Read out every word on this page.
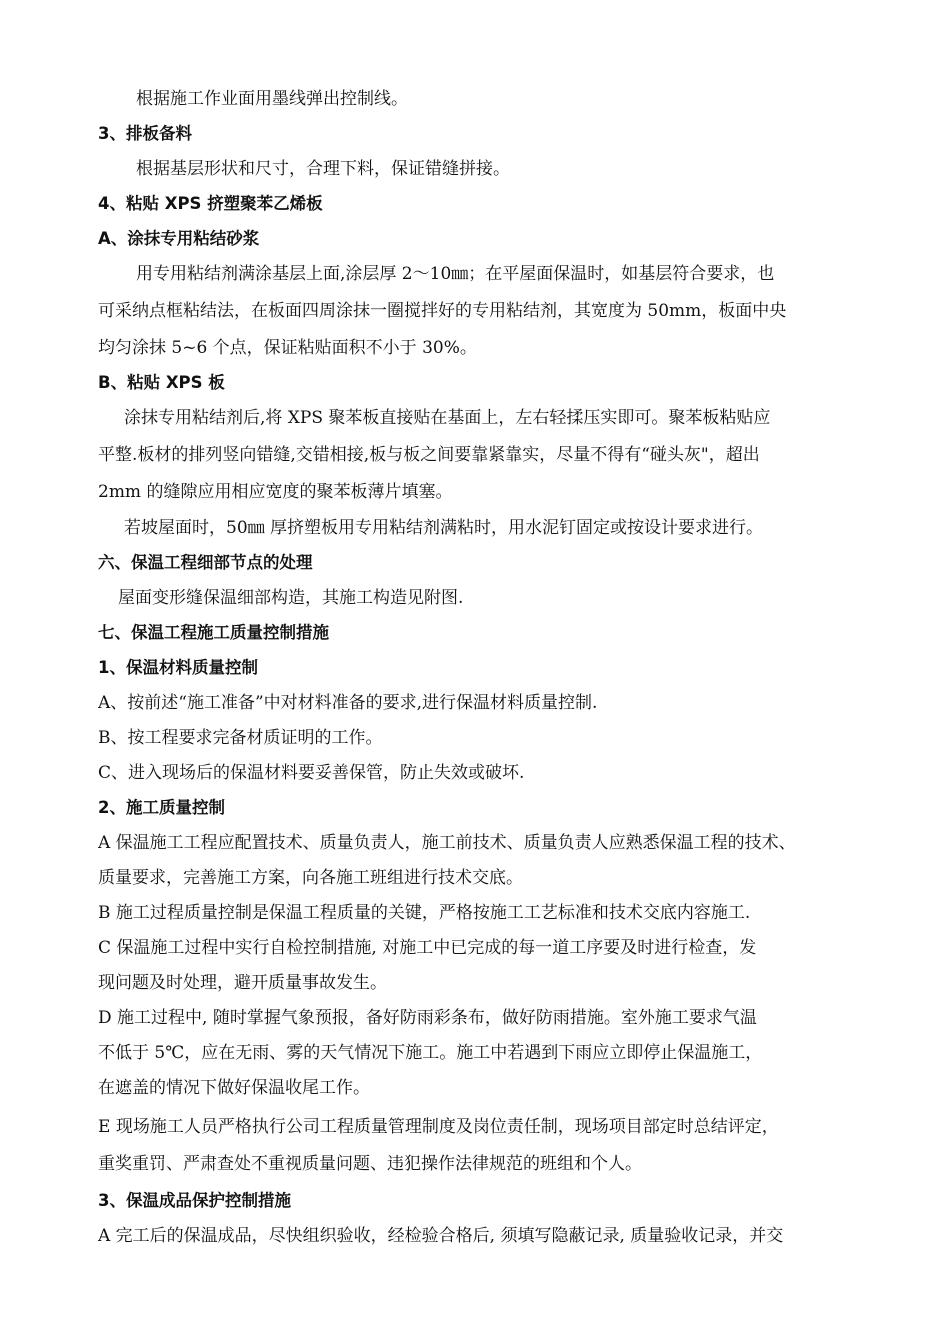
根据施工作业面用墨线弹出控制线。
3、排板备料
根据基层形状和尺寸，合理下料，保证错缝拼接。
4、粘贴 XPS 挤塑聚苯乙烯板
A、涂抹专用粘结砂浆
用专用粘结剂满涂基层上面,涂层厚 2～10㎜；在平屋面保温时，如基层符合要求，也
可采纳点框粘结法，在板面四周涂抹一圈搅拌好的专用粘结剂，其宽度为 50mm，板面中央
均匀涂抹 5~6 个点，保证粘贴面积不小于 30%。
B、粘贴 XPS 板
涂抹专用粘结剂后,将 XPS 聚苯板直接贴在基面上，左右轻揉压实即可。聚苯板粘贴应
平整.板材的排列竖向错缝,交错相接,板与板之间要靠紧靠实，尽量不得有“碰头灰"，超出
2mm 的缝隙应用相应宽度的聚苯板薄片填塞。
若坡屋面时，50㎜ 厚挤塑板用专用粘结剂满粘时，用水泥钉固定或按设计要求进行。
六、保温工程细部节点的处理
屋面变形缝保温细部构造，其施工构造见附图.
七、保温工程施工质量控制措施
1、保温材料质量控制
A、按前述“施工准备”中对材料准备的要求,进行保温材料质量控制.
B、按工程要求完备材质证明的工作。
C、进入现场后的保温材料要妥善保管，防止失效或破坏.
2、施工质量控制
A 保温施工工程应配置技术、质量负责人，施工前技术、质量负责人应熟悉保温工程的技术、
质量要求，完善施工方案，向各施工班组进行技术交底。
B 施工过程质量控制是保温工程质量的关键，严格按施工工艺标准和技术交底内容施工.
C 保温施工过程中实行自检控制措施, 对施工中已完成的每一道工序要及时进行检查，发
现问题及时处理，避开质量事故发生。
D 施工过程中, 随时掌握气象预报，备好防雨彩条布，做好防雨措施。室外施工要求气温
不低于 5℃，应在无雨、雾的天气情况下施工。施工中若遇到下雨应立即停止保温施工，
在遮盖的情况下做好保温收尾工作。
E 现场施工人员严格执行公司工程质量管理制度及岗位责任制，现场项目部定时总结评定，
重奖重罚、严肃查处不重视质量问题、违犯操作法律规范的班组和个人。
3、保温成品保护控制措施
A 完工后的保温成品，尽快组织验收，经检验合格后, 须填写隐蔽记录, 质量验收记录，并交
